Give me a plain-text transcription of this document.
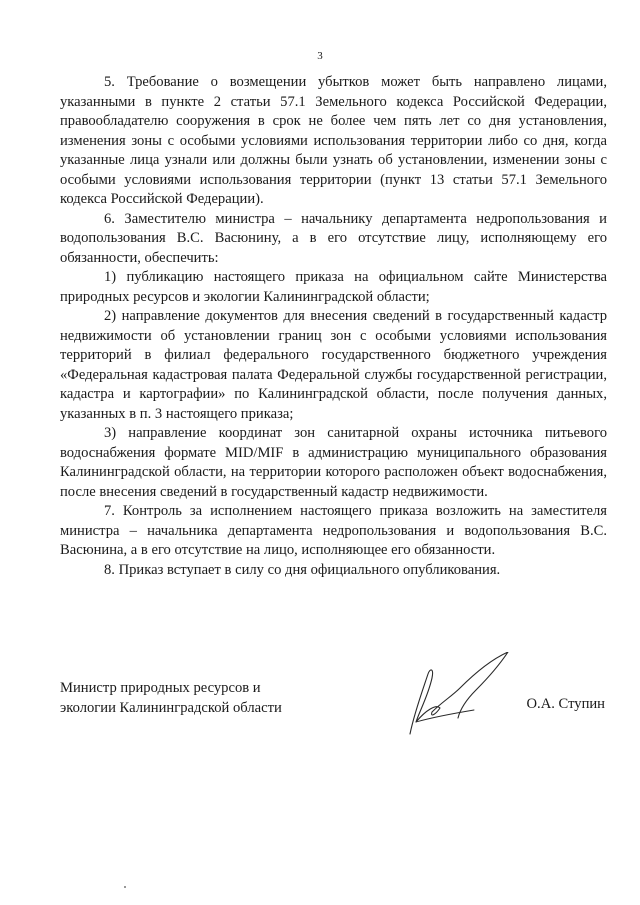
3

5. Требование о возмещении убытков может быть направлено лицами, указанными в пункте 2 статьи 57.1 Земельного кодекса Российской Федерации, правообладателю сооружения в срок не более чем пять лет со дня установления, изменения зоны с особыми условиями использования территории либо со дня, когда указанные лица узнали или должны были узнать об установлении, изменении зоны с особыми условиями использования территории (пункт 13 статьи 57.1 Земельного кодекса Российской Федерации).

6. Заместителю министра – начальнику департамента недропользования и водопользования В.С. Васюнину, а в его отсутствие лицу, исполняющему его обязанности, обеспечить:

1) публикацию настоящего приказа на официальном сайте Министерства природных ресурсов и экологии Калининградской области;

2) направление документов для внесения сведений в государственный кадастр недвижимости об установлении границ зон с особыми условиями использования территорий в филиал федерального государственного бюджетного учреждения «Федеральная кадастровая палата Федеральной службы государственной регистрации, кадастра и картографии» по Калининградской области, после получения данных, указанных в п. 3 настоящего приказа;

3) направление координат зон санитарной охраны источника питьевого водоснабжения формате MID/MIF в администрацию муниципального образования Калининградской области, на территории которого расположен объект водоснабжения, после внесения сведений в государственный кадастр недвижимости.

7. Контроль за исполнением настоящего приказа возложить на заместителя министра – начальника департамента недропользования и водопользования В.С. Васюнина, а в его отсутствие на лицо, исполняющее его обязанности.

8. Приказ вступает в силу со дня официального опубликования.

Министр природных ресурсов и
экологии Калининградской области	О.А. Ступин
